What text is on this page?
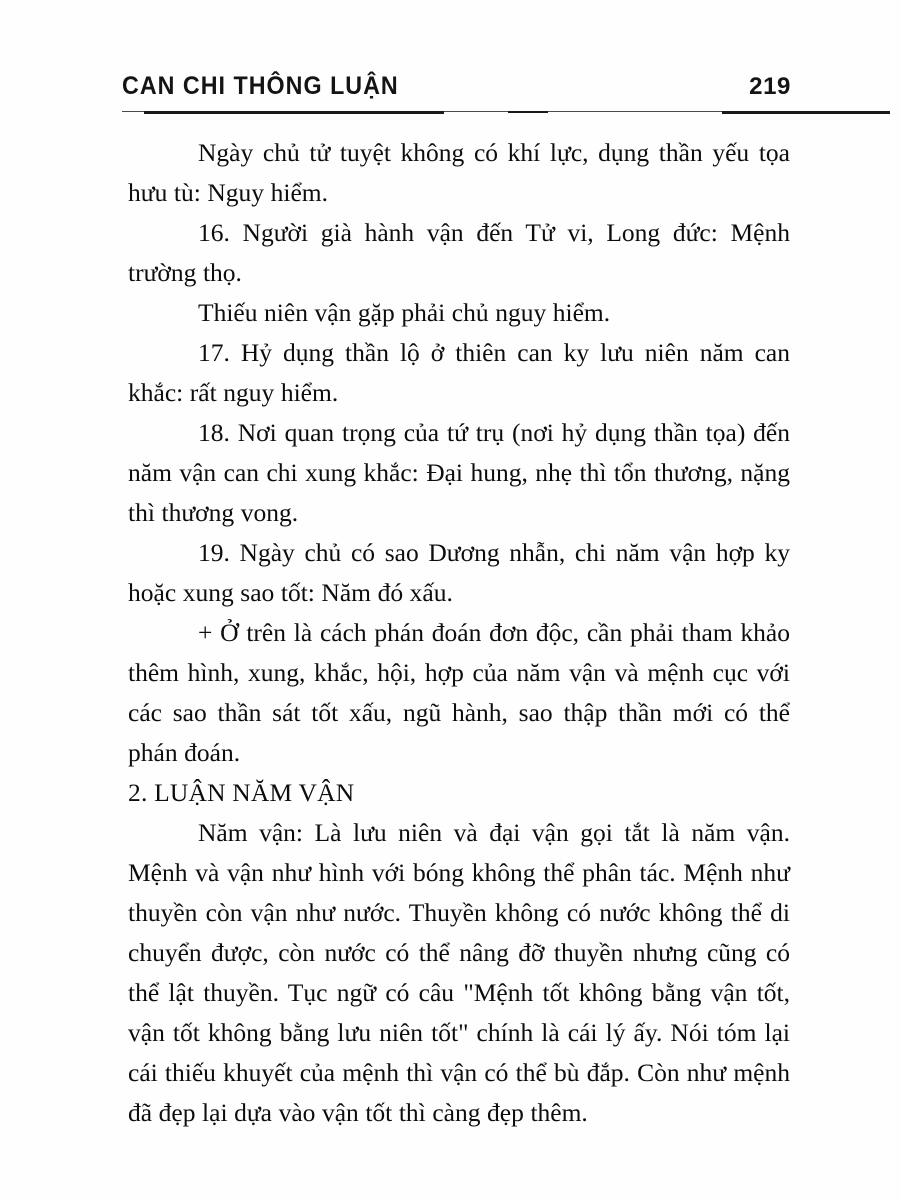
CAN CHI THÔNG LUẬN	219

Ngày chủ tử tuyệt không có khí lực, dụng thần yếu tọa hưu tù: Nguy hiểm.

16. Người già hành vận đến Tử vi, Long đức: Mệnh trường thọ.

Thiếu niên vận gặp phải chủ nguy hiểm.

17. Hỷ dụng thần lộ ở thiên can ky lưu niên năm can khắc: rất nguy hiểm.

18. Nơi quan trọng của tứ trụ (nơi hỷ dụng thần tọa) đến năm vận can chi xung khắc: Đại hung, nhẹ thì tổn thương, nặng thì thương vong.

19. Ngày chủ có sao Dương nhẫn, chi năm vận hợp ky hoặc xung sao tốt: Năm đó xấu.

+ Ở trên là cách phán đoán đơn độc, cần phải tham khảo thêm hình, xung, khắc, hội, hợp của năm vận và mệnh cục với các sao thần sát tốt xấu, ngũ hành, sao thập thần mới có thể phán đoán.

2. LUẬN NĂM VẬN

Năm vận: Là lưu niên và đại vận gọi tắt là năm vận. Mệnh và vận như hình với bóng không thể phân tác. Mệnh như thuyền còn vận như nước. Thuyền không có nước không thể di chuyển được, còn nước có thể nâng đỡ thuyền nhưng cũng có thể lật thuyền. Tục ngữ có câu "Mệnh tốt không bằng vận tốt, vận tốt không bằng lưu niên tốt" chính là cái lý ấy. Nói tóm lại cái thiếu khuyết của mệnh thì vận có thể bù đắp. Còn như mệnh đã đẹp lại dựa vào vận tốt thì càng đẹp thêm.
